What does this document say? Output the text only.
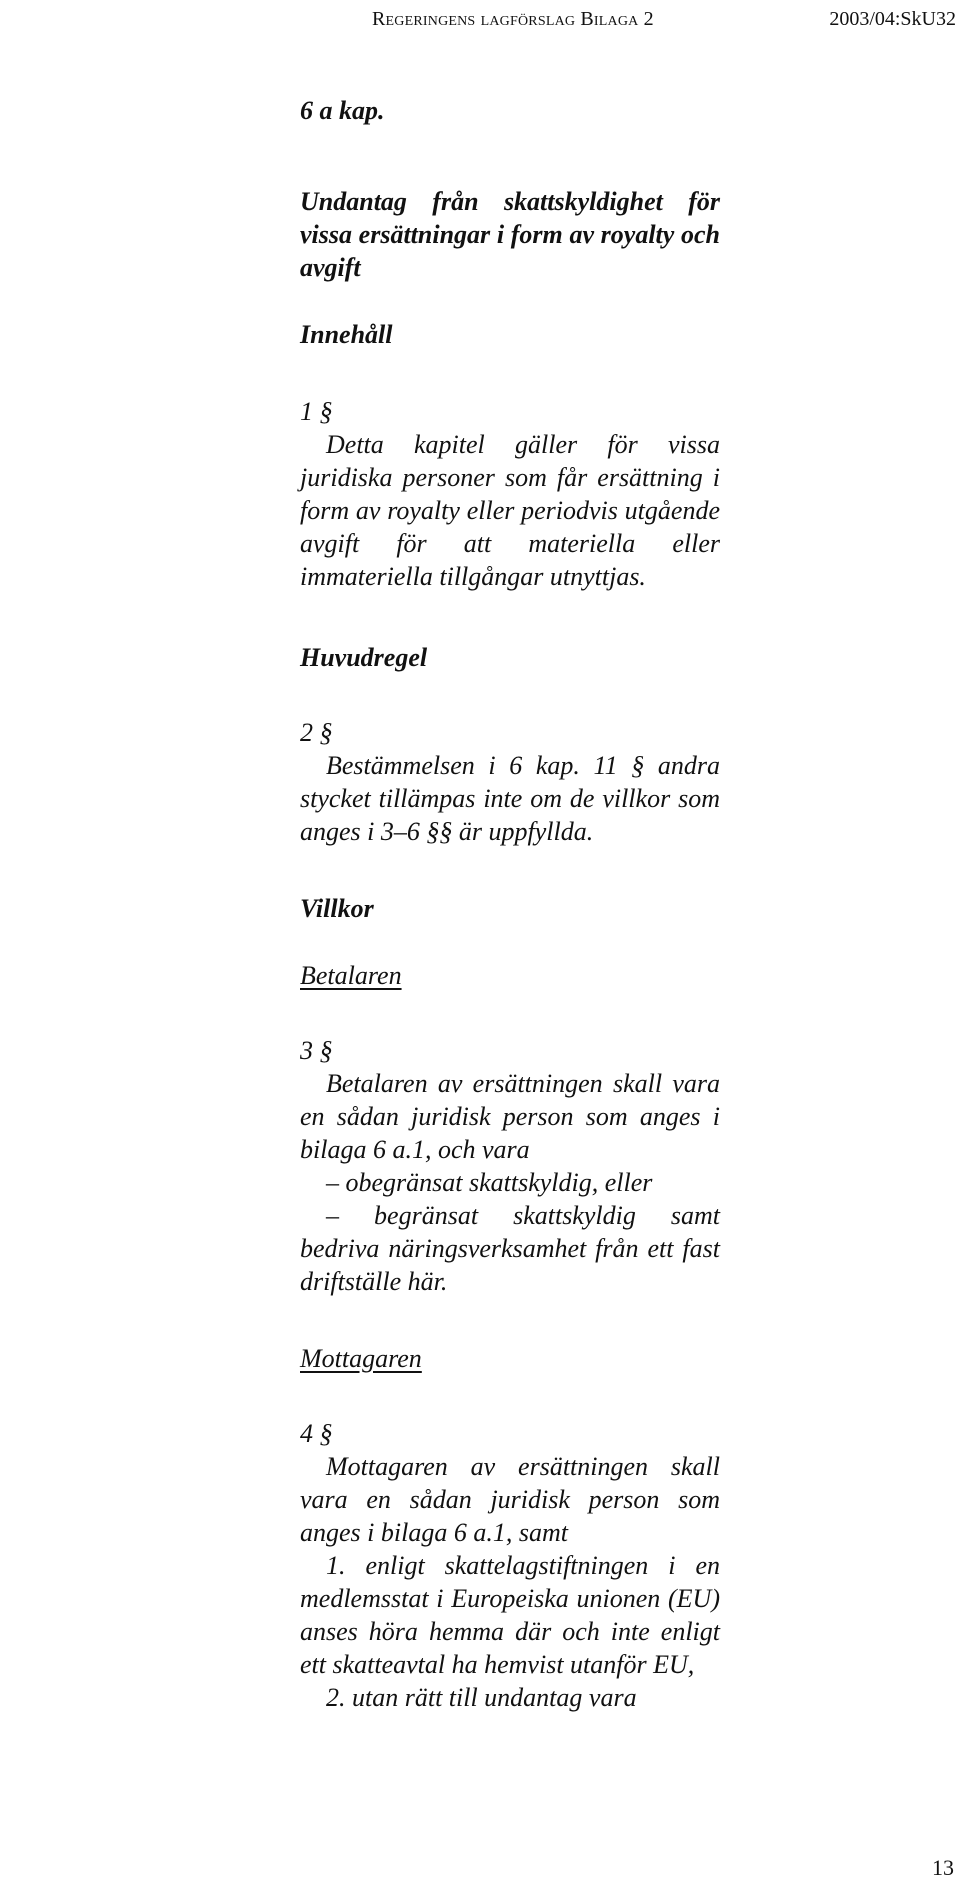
Regeringens lagförslag Bilaga 2	2003/04:SkU32

6 a kap.

Undantag från skattskyldighet för vissa ersättningar i form av royalty och avgift

Innehåll

1 §

Detta kapitel gäller för vissa juridiska personer som får ersättning i form av royalty eller periodvis utgående avgift för att materiella eller immateriella tillgångar utnyttjas.

Huvudregel

2 §

Bestämmelsen i 6 kap. 11 § andra stycket tillämpas inte om de villkor som anges i 3–6 §§ är uppfyllda.

Villkor

Betalaren

3 §

Betalaren av ersättningen skall vara en sådan juridisk person som anges i bilaga 6 a.1, och vara

– obegränsat skattskyldig, eller

– begränsat skattskyldig samt bedriva näringsverksamhet från ett fast driftställe här.

Mottagaren

4 §

Mottagaren av ersättningen skall vara en sådan juridisk person som anges i bilaga 6 a.1, samt

1. enligt skattelagstiftningen i en medlemsstat i Europeiska unionen (EU) anses höra hemma där och inte enligt ett skatteavtal ha hemvist utanför EU,

2. utan rätt till undantag vara

13
